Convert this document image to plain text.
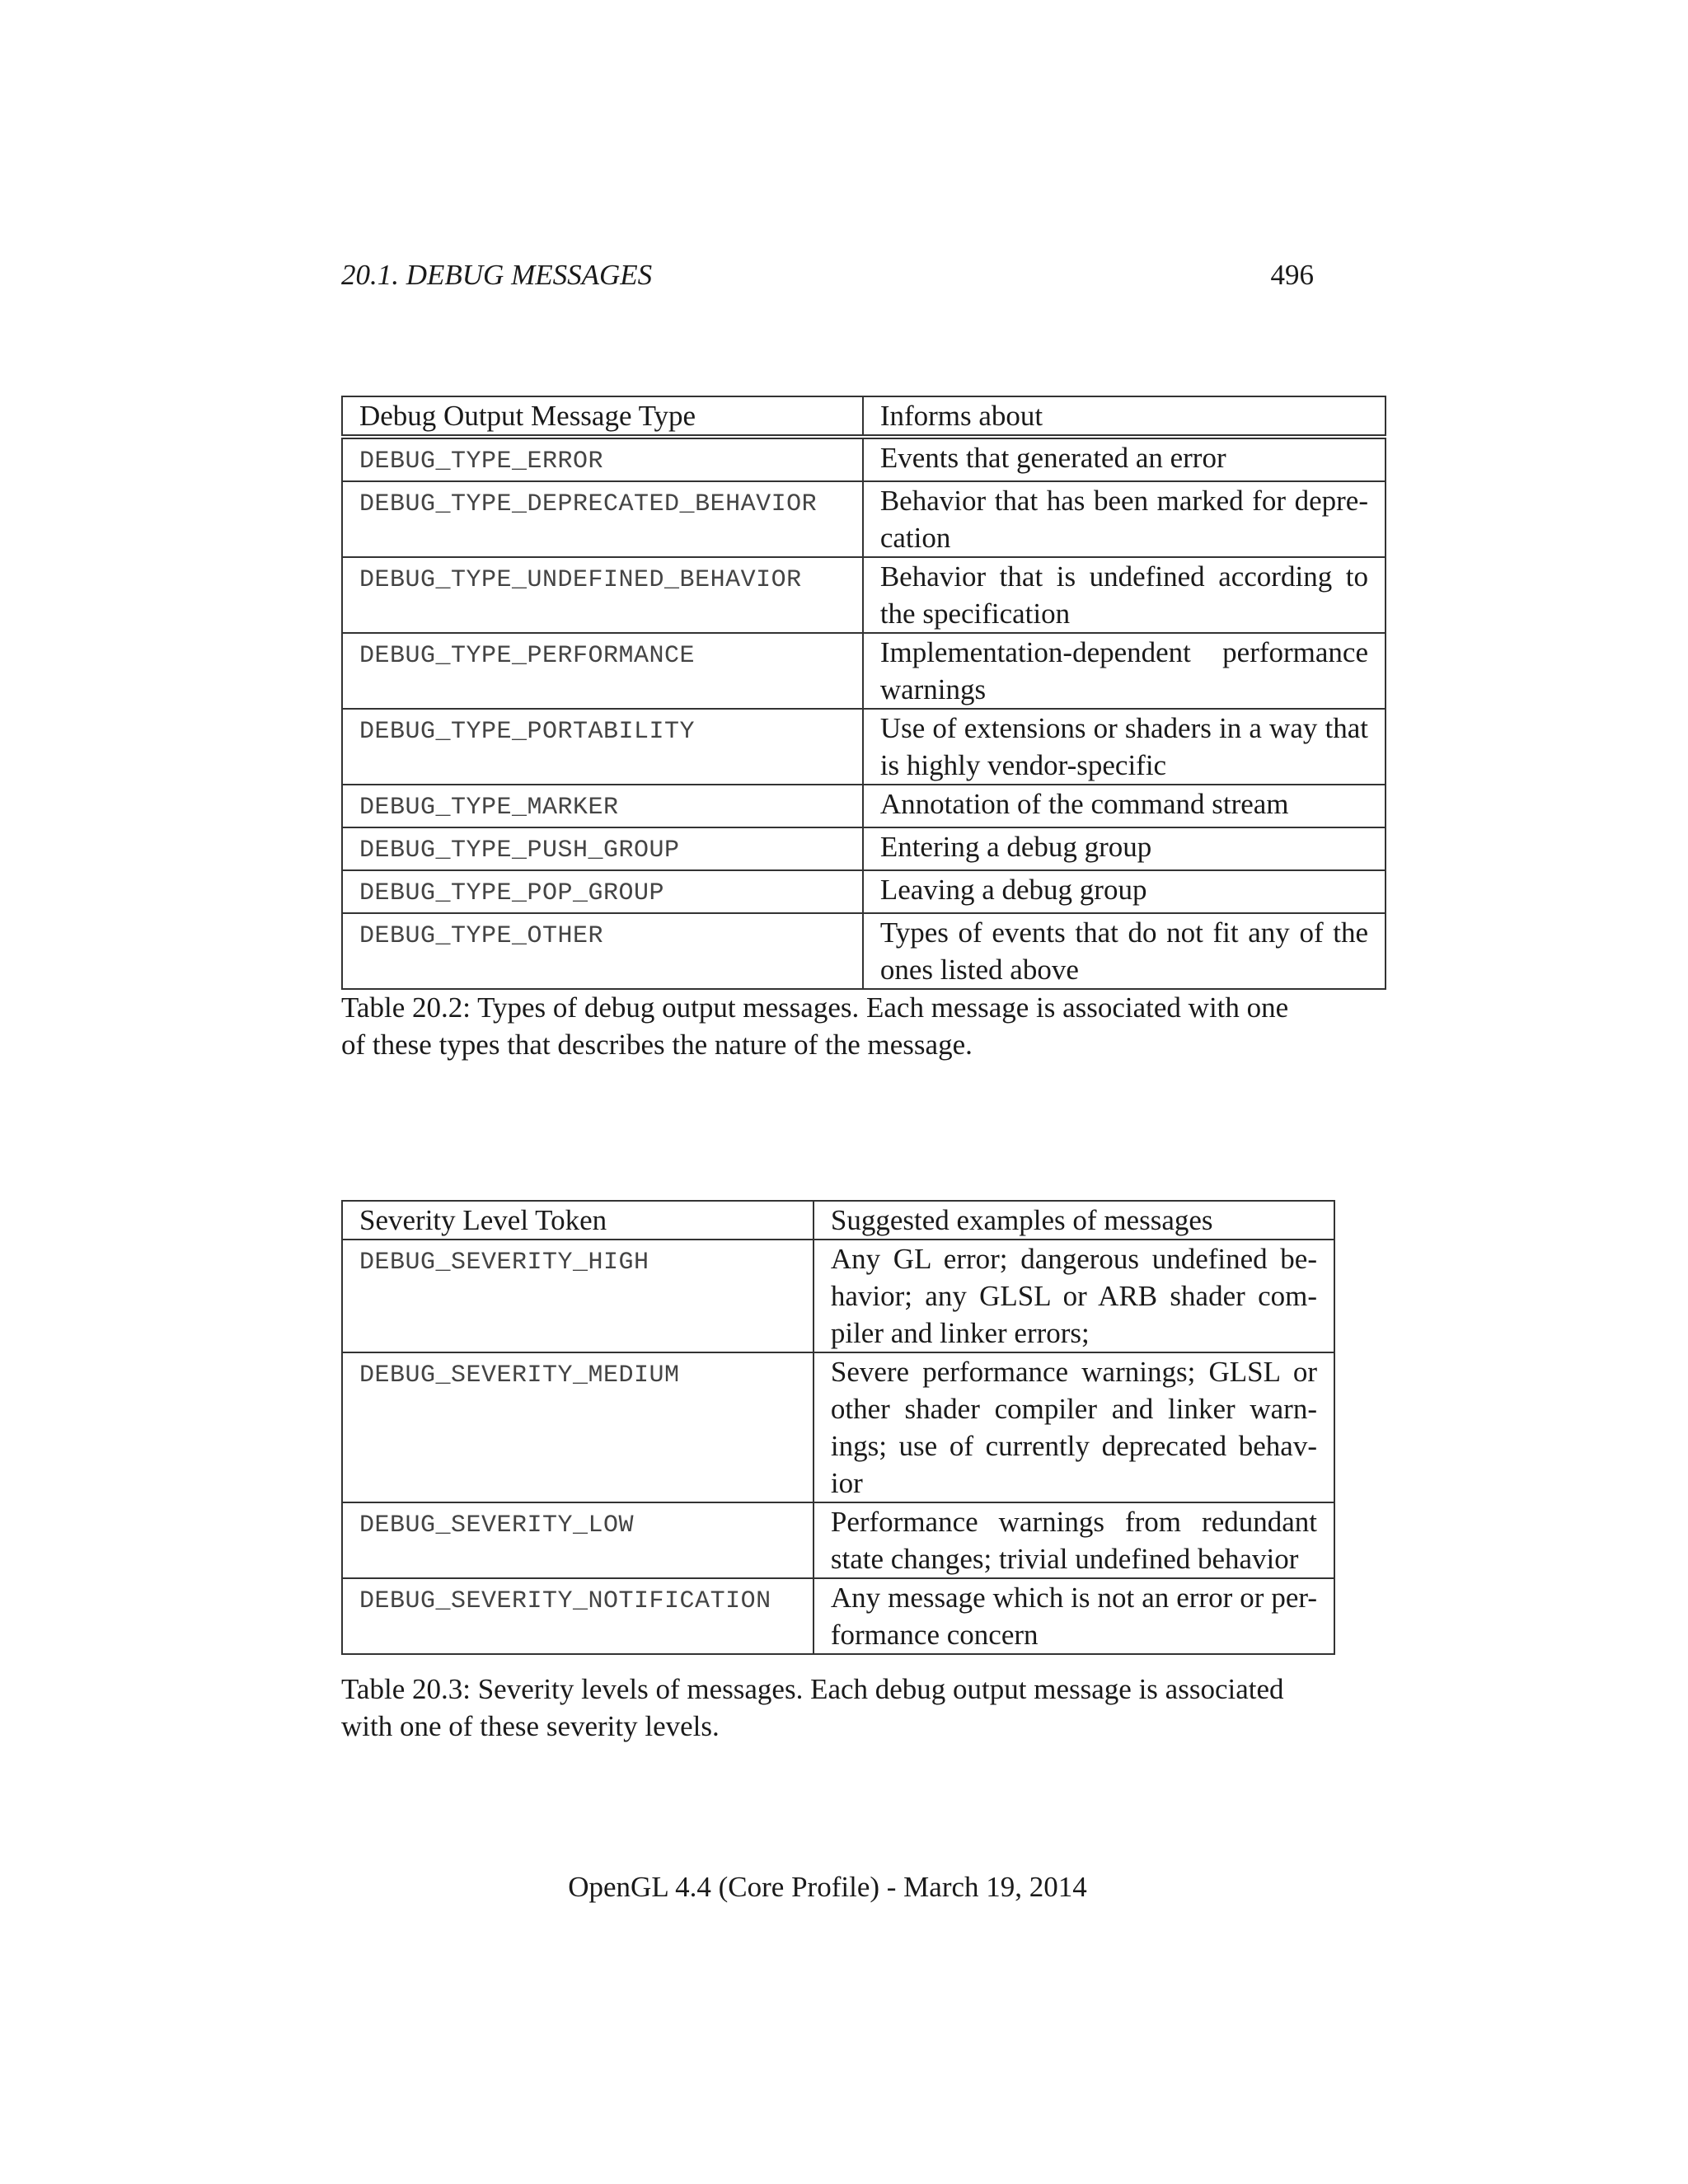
20.1. DEBUG MESSAGES	496
Debug Output Message Type	Informs about
DEBUG_TYPE_ERROR	Events that generated an error
DEBUG_TYPE_DEPRECATED_BEHAVIOR	Behavior that has been marked for depre-cation
DEBUG_TYPE_UNDEFINED_BEHAVIOR	Behavior that is undefined according to the specification
DEBUG_TYPE_PERFORMANCE	Implementation-dependent performance warnings
DEBUG_TYPE_PORTABILITY	Use of extensions or shaders in a way that is highly vendor-specific
DEBUG_TYPE_MARKER	Annotation of the command stream
DEBUG_TYPE_PUSH_GROUP	Entering a debug group
DEBUG_TYPE_POP_GROUP	Leaving a debug group
DEBUG_TYPE_OTHER	Types of events that do not fit any of the ones listed above
Table 20.2: Types of debug output messages. Each message is associated with one of these types that describes the nature of the message.
Severity Level Token	Suggested examples of messages
DEBUG_SEVERITY_HIGH	Any GL error; dangerous undefined be-havior; any GLSL or ARB shader com-piler and linker errors;
DEBUG_SEVERITY_MEDIUM	Severe performance warnings; GLSL or other shader compiler and linker warn-ings; use of currently deprecated behav-ior
DEBUG_SEVERITY_LOW	Performance warnings from redundant state changes; trivial undefined behavior
DEBUG_SEVERITY_NOTIFICATION	Any message which is not an error or per-formance concern
Table 20.3: Severity levels of messages. Each debug output message is associated with one of these severity levels.
OpenGL 4.4 (Core Profile) - March 19, 2014
